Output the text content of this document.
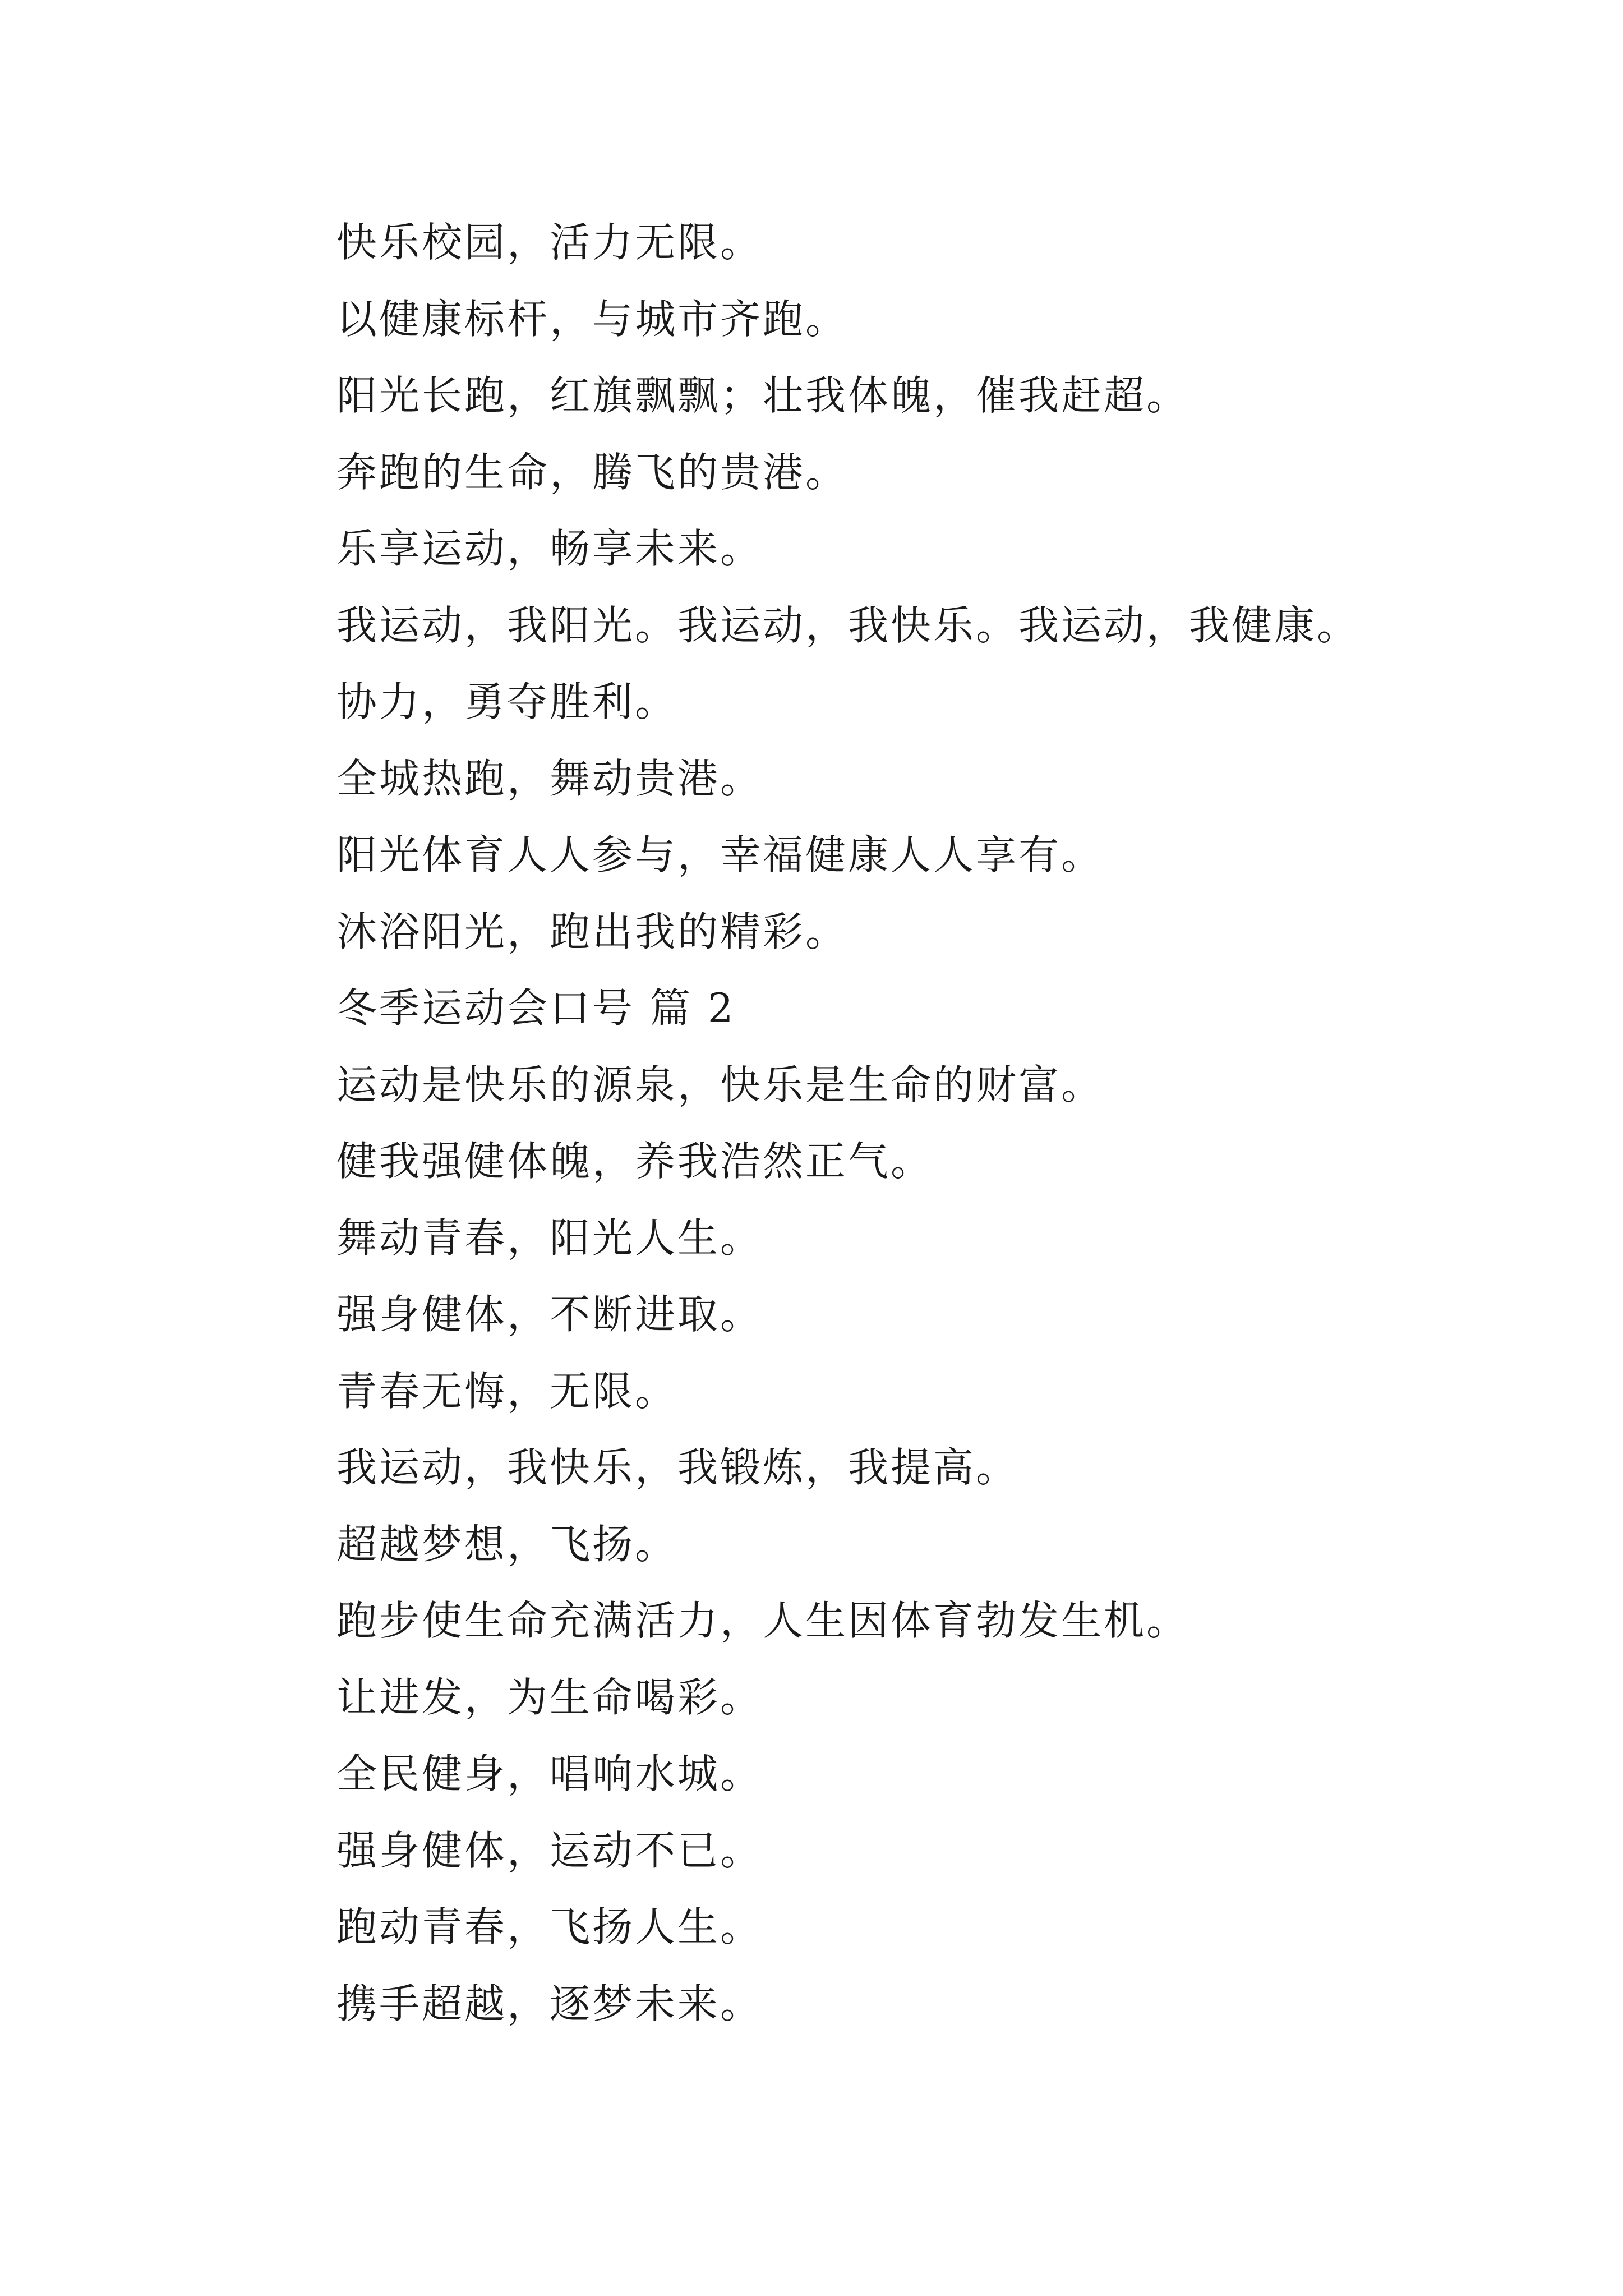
快乐校园，活力无限。
以健康标杆，与城市齐跑。
阳光长跑，红旗飘飘；壮我体魄，催我赶超。
奔跑的生命，腾飞的贵港。
乐享运动，畅享未来。
我运动，我阳光。我运动，我快乐。我运动，我健康。
协力，勇夺胜利。
全城热跑，舞动贵港。
阳光体育人人参与，幸福健康人人享有。
沐浴阳光，跑出我的精彩。
冬季运动会口号 篇 2
运动是快乐的源泉，快乐是生命的财富。
健我强健体魄，养我浩然正气。
舞动青春，阳光人生。
强身健体，不断进取。
青春无悔，无限。
我运动，我快乐，我锻炼，我提高。
超越梦想，飞扬。
跑步使生命充满活力，人生因体育勃发生机。
让进发，为生命喝彩。
全民健身，唱响水城。
强身健体，运动不已。
跑动青春，飞扬人生。
携手超越，逐梦未来。
